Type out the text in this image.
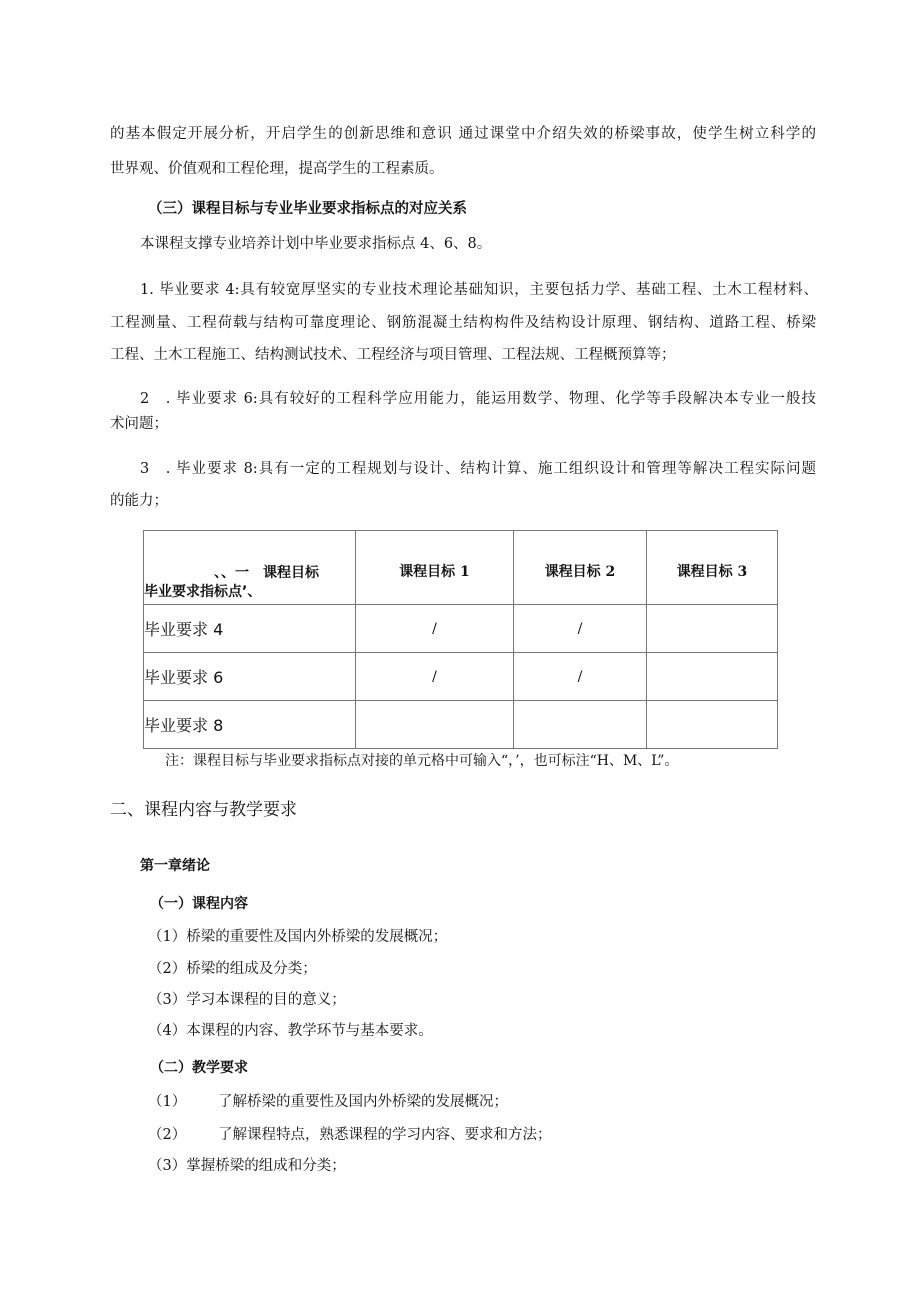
的基本假定开展分析，开启学生的创新思维和意识 通过课堂中介绍失效的桥梁事故，使学生树立科学的
世界观、价值观和工程伦理，提高学生的工程素质。
（三）课程目标与专业毕业要求指标点的对应关系
本课程支撑专业培养计划中毕业要求指标点 4、6、8。
1. 毕业要求 4:具有较宽厚坚实的专业技术理论基础知识，主要包括力学、基础工程、土木工程材料、
工程测量、工程荷载与结构可靠度理论、钢筋混凝土结构构件及结构设计原理、钢结构、道路工程、桥梁
工程、土木工程施工、结构测试技术、工程经济与项目管理、工程法规、工程概预算等；
2　. 毕业要求 6:具有较好的工程科学应用能力，能运用数学、物理、化学等手段解决本专业一般技
术问题；
3　. 毕业要求 8:具有一定的工程规划与设计、结构计算、施工组织设计和管理等解决工程实际问题
的能力；
、、一　课程目标
毕业要求指标点’、	课程目标 1	课程目标 2	课程目标 3
毕业要求 4	/	/	
毕业要求 6	/	/	
毕业要求 8			
注：课程目标与毕业要求指标点对接的单元格中可输入“，’，也可标注“H、M、L”。
二、课程内容与教学要求
第一章绪论
（一）课程内容
（1）桥梁的重要性及国内外桥梁的发展概况；
（2）桥梁的组成及分类；
（3）学习本课程的目的意义；
（4）本课程的内容、教学环节与基本要求。
（二）教学要求
（1） 了解桥梁的重要性及国内外桥梁的发展概况；
（2） 了解课程特点，熟悉课程的学习内容、要求和方法；
（3）掌握桥梁的组成和分类；
